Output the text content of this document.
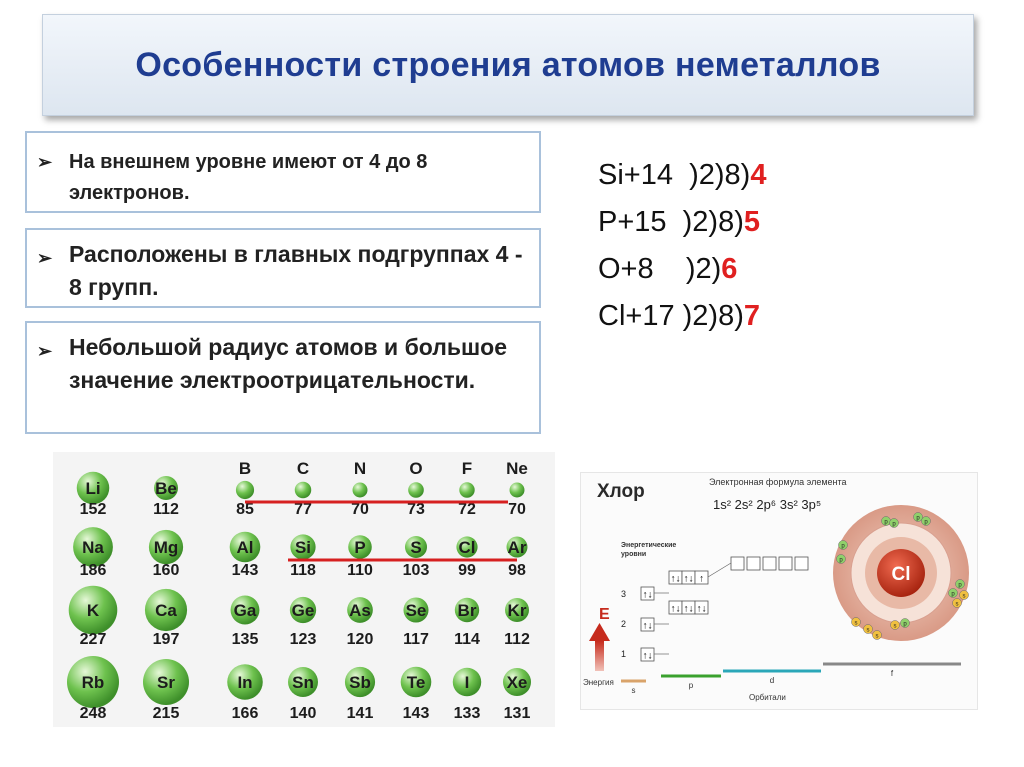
Особенности строения атомов неметаллов
➢ На внешнем уровне имеют от 4 до 8 электронов.
➢ Расположены в главных подгруппах 4 - 8 групп.
➢ Небольшой радиус атомов и большое значение электроотрицательности.
Si+14  )2)8)4
P+15  )2)8)5
O+8    )2)6
Cl+17 )2)8)7
Li
152
Be
112
B
85
C
77
N
70
O
73
F
72
Ne
70
Na
186
Mg
160
Al
143
Si
118
P
110
S
103
Cl
99
Ar
98
K
227
Ca
197
Ga
135
Ge
123
As
120
Se
117
Br
114
Kr
112
Rb
248
Sr
215
In
166
Sn
140
Sb
141
Te
143
I
133
Xe
131
Хлор	Электронная формула элемента
1s² 2s² 2p⁶ 3s² 3p⁵
Энергетические
уровни
3
2
1 ↑↓
↑↓
↑↓ ↑↓ ↑↓
↑↓
↑↓ ↑↓ ↑
s
p
d
f
Cl
p p
p
p
p
p
p
s
s
p
s
s
s
s p
E
Энергия
Орбитали
